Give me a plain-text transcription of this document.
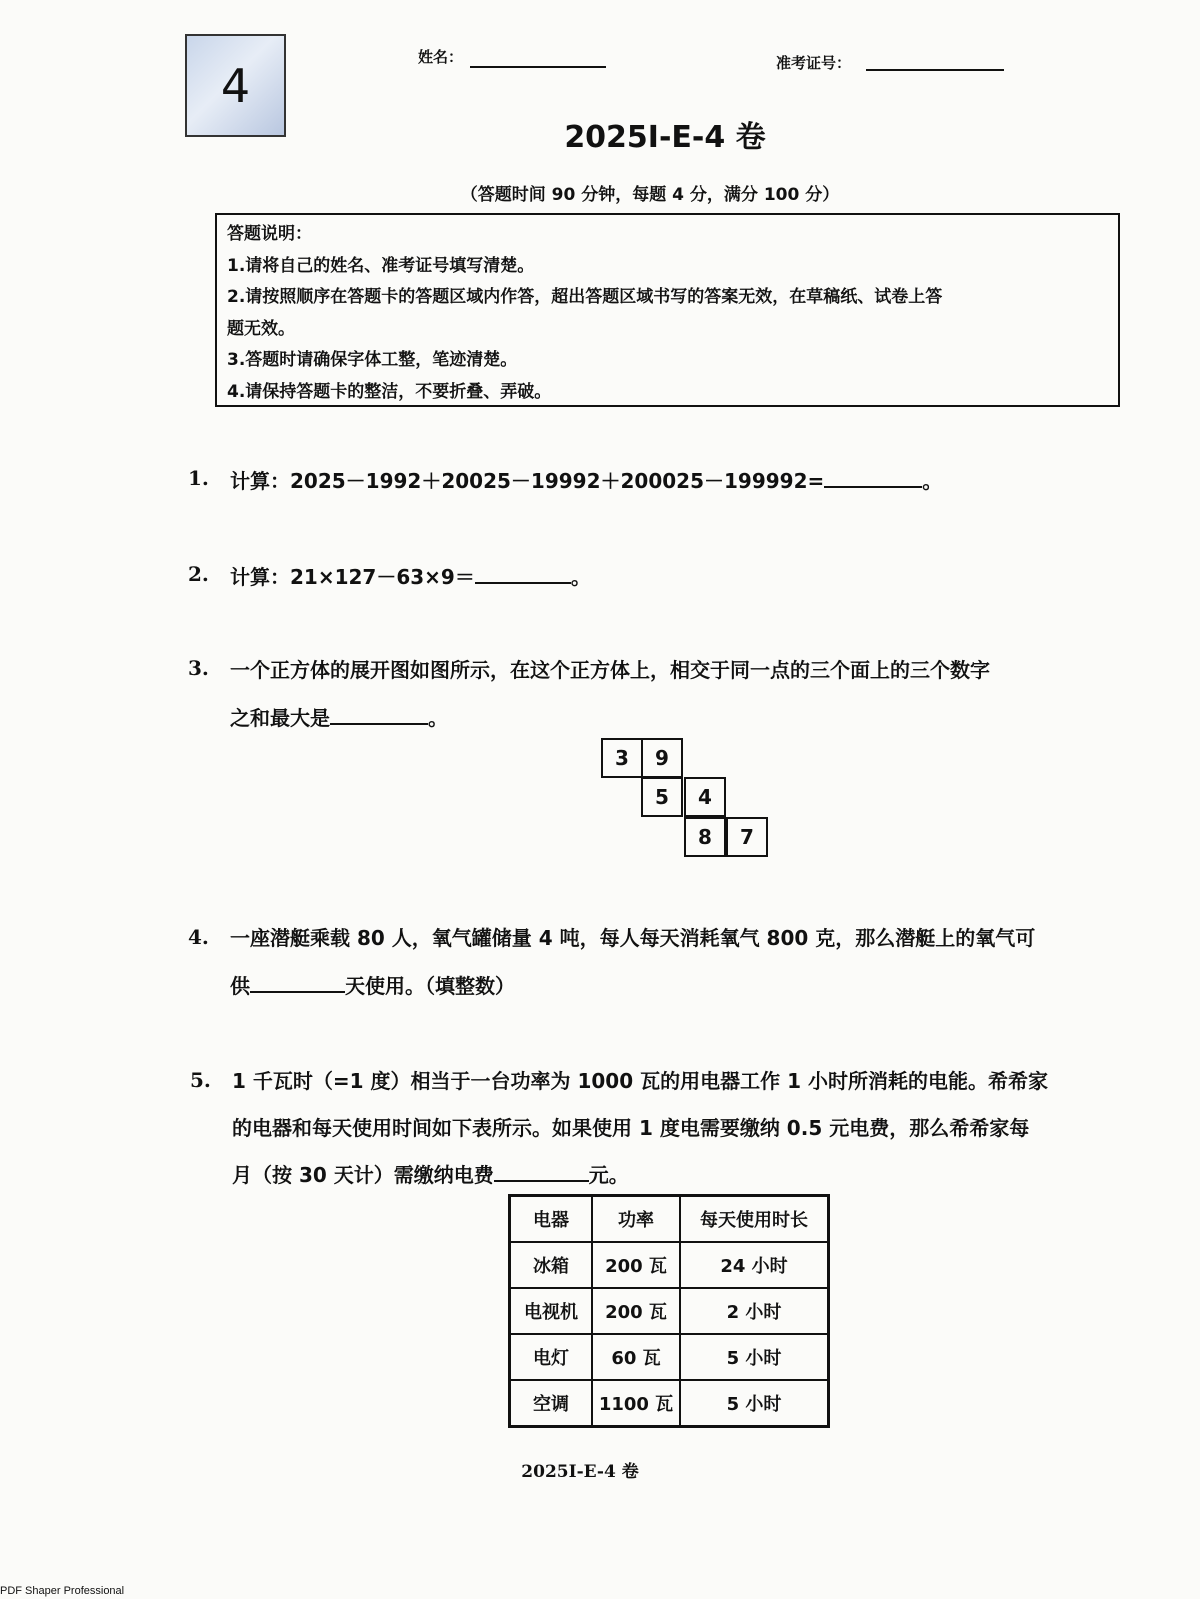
4
姓名：	准考证号：
2025I-E-4 卷
（答题时间 90 分钟，每题 4 分，满分 100 分）
答题说明：
1.请将自己的姓名、准考证号填写清楚。
2.请按照顺序在答题卡的答题区域内作答，超出答题区域书写的答案无效，在草稿纸、试卷上答
题无效。
3.答题时请确保字体工整，笔迹清楚。
4.请保持答题卡的整洁，不要折叠、弄破。
1. 计算：2025－1992＋20025－19992＋200025－199992=	。
2. 计算：21×127－63×9＝	。
3. 一个正方体的展开图如图所示，在这个正方体上，相交于同一点的三个面上的三个数字
之和最大是	。
3	9
5	4
8	7
4. 一座潜艇乘载 80 人，氧气罐储量 4 吨，每人每天消耗氧气 800 克，那么潜艇上的氧气可
供	天使用。（填整数）
5. 1 千瓦时（=1 度）相当于一台功率为 1000 瓦的用电器工作 1 小时所消耗的电能。希希家
的电器和每天使用时间如下表所示。如果使用 1 度电需要缴纳 0.5 元电费，那么希希家每
月（按 30 天计）需缴纳电费	元。
电器	功率	每天使用时长
冰箱	200 瓦	24 小时
电视机	200 瓦	2 小时
电灯	60 瓦	5 小时
空调	1100 瓦	5 小时
2025I-E-4 卷
PDF Shaper Professional
